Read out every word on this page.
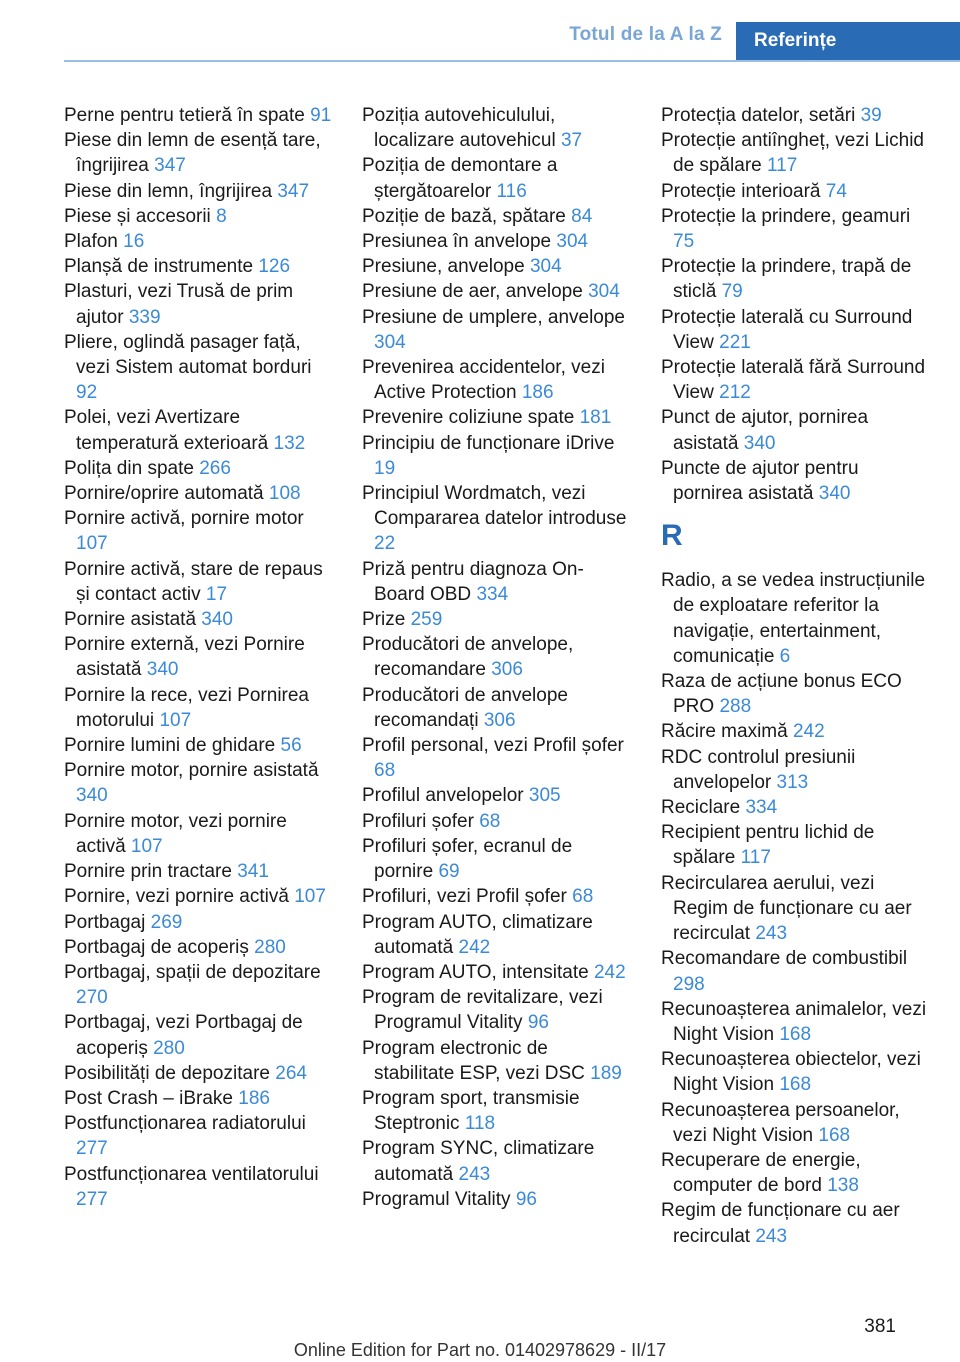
Totul de la A la Z	Referințe
Perne pentru tetieră în spate 91
Piese din lemn de esență tare, îngrijirea 347
Piese din lemn, îngrijirea 347
Piese și accesorii 8
Plafon 16
Planșă de instrumente 126
Plasturi, vezi Trusă de prim ajutor 339
Pliere, oglindă pasager față, vezi Sistem automat borduri 92
Polei, vezi Avertizare temperatură exterioară 132
Polița din spate 266
Pornire/oprire automată 108
Pornire activă, pornire motor 107
Pornire activă, stare de repaus și contact activ 17
Pornire asistată 340
Pornire externă, vezi Pornire asistată 340
Pornire la rece, vezi Pornirea motorului 107
Pornire lumini de ghidare 56
Pornire motor, pornire asistată 340
Pornire motor, vezi pornire activă 107
Pornire prin tractare 341
Pornire, vezi pornire activă 107
Portbagaj 269
Portbagaj de acoperiș 280
Portbagaj, spații de depozitare 270
Portbagaj, vezi Portbagaj de acoperiș 280
Posibilități de depozitare 264
Post Crash – iBrake 186
Postfuncționarea radiatorului 277
Postfuncționarea ventilatorului 277
Poziția autovehiculului, localizare autovehicul 37
Poziția de demontare a ștergătoarelor 116
Poziție de bază, spătare 84
Presiunea în anvelope 304
Presiune, anvelope 304
Presiune de aer, anvelope 304
Presiune de umplere, anvelope 304
Prevenirea accidentelor, vezi Active Protection 186
Prevenire coliziune spate 181
Principiu de funcționare iDrive 19
Principiul Wordmatch, vezi Compararea datelor introduse 22
Priză pentru diagnoza On-Board OBD 334
Prize 259
Producători de anvelope, recomandare 306
Producători de anvelope recomandați 306
Profil personal, vezi Profil șofer 68
Profilul anvelopelor 305
Profiluri șofer 68
Profiluri șofer, ecranul de pornire 69
Profiluri, vezi Profil șofer 68
Program AUTO, climatizare automată 242
Program AUTO, intensitate 242
Program de revitalizare, vezi Programul Vitality 96
Program electronic de stabilitate ESP, vezi DSC 189
Program sport, transmisie Steptronic 118
Program SYNC, climatizare automată 243
Programul Vitality 96
Protecția datelor, setări 39
Protecție antiîngheț, vezi Lichid de spălare 117
Protecție interioară 74
Protecție la prindere, geamuri 75
Protecție la prindere, trapă de sticlă 79
Protecție laterală cu Surround View 221
Protecție laterală fără Surround View 212
Punct de ajutor, pornirea asistată 340
Puncte de ajutor pentru pornirea asistată 340
R
Radio, a se vedea instrucțiunile de exploatare referitor la navigație, entertainment, comunicație 6
Raza de acțiune bonus ECO PRO 288
Răcire maximă 242
RDC controlul presiunii anvelopelor 313
Reciclare 334
Recipient pentru lichid de spălare 117
Recircularea aerului, vezi Regim de funcționare cu aer recirculat 243
Recomandare de combustibil 298
Recunoașterea animalelor, vezi Night Vision 168
Recunoașterea obiectelor, vezi Night Vision 168
Recunoașterea persoanelor, vezi Night Vision 168
Recuperare de energie, computer de bord 138
Regim de funcționare cu aer recirculat 243
381
Online Edition for Part no. 01402978629 - II/17
